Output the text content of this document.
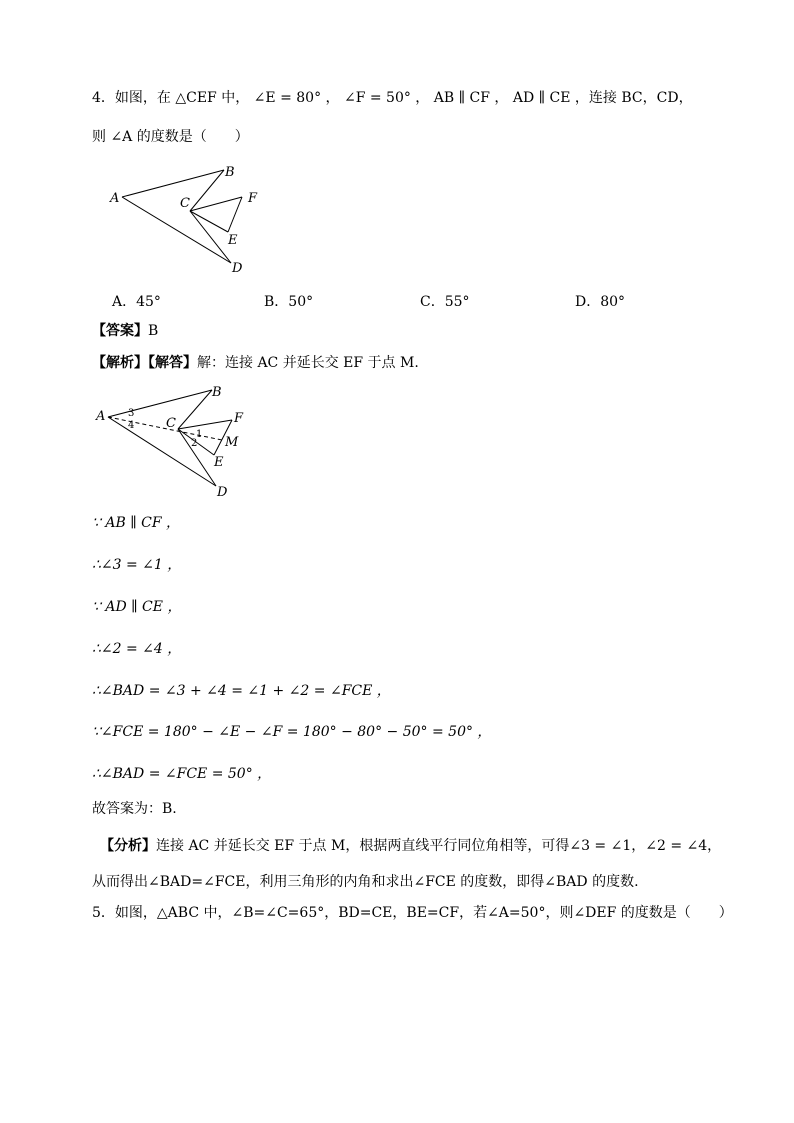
4．如图，在 △CEF 中， ∠E = 80° ， ∠F = 50° ， AB ∥ CF ， AD ∥ CE ，连接 BC，CD，
则 ∠A 的度数是（　　）
A
B
C
D
E
F
A．45°	B．50°	C．55°	D．80°
【答案】B
【解析】【解答】解：连接 AC 并延长交 EF 于点 M.
A
B
C
D
E
F
M
3
4
1
2
∵ AB ∥ CF ，
∴∠3 = ∠1 ，
∵ AD ∥ CE ，
∴∠2 = ∠4 ，
∴∠BAD = ∠3 + ∠4 = ∠1 + ∠2 = ∠FCE ，
∵∠FCE = 180° − ∠E − ∠F = 180° − 80° − 50° = 50° ，
∴∠BAD = ∠FCE = 50° ，
故答案为：B.
【分析】连接 AC 并延长交 EF 于点 M，根据两直线平行同位角相等，可得∠3 = ∠1，∠2 = ∠4，
从而得出∠BAD=∠FCE，利用三角形的内角和求出∠FCE 的度数，即得∠BAD 的度数.
5．如图，△ABC 中，∠B=∠C=65°，BD=CE，BE=CF，若∠A=50°，则∠DEF 的度数是（　　）
